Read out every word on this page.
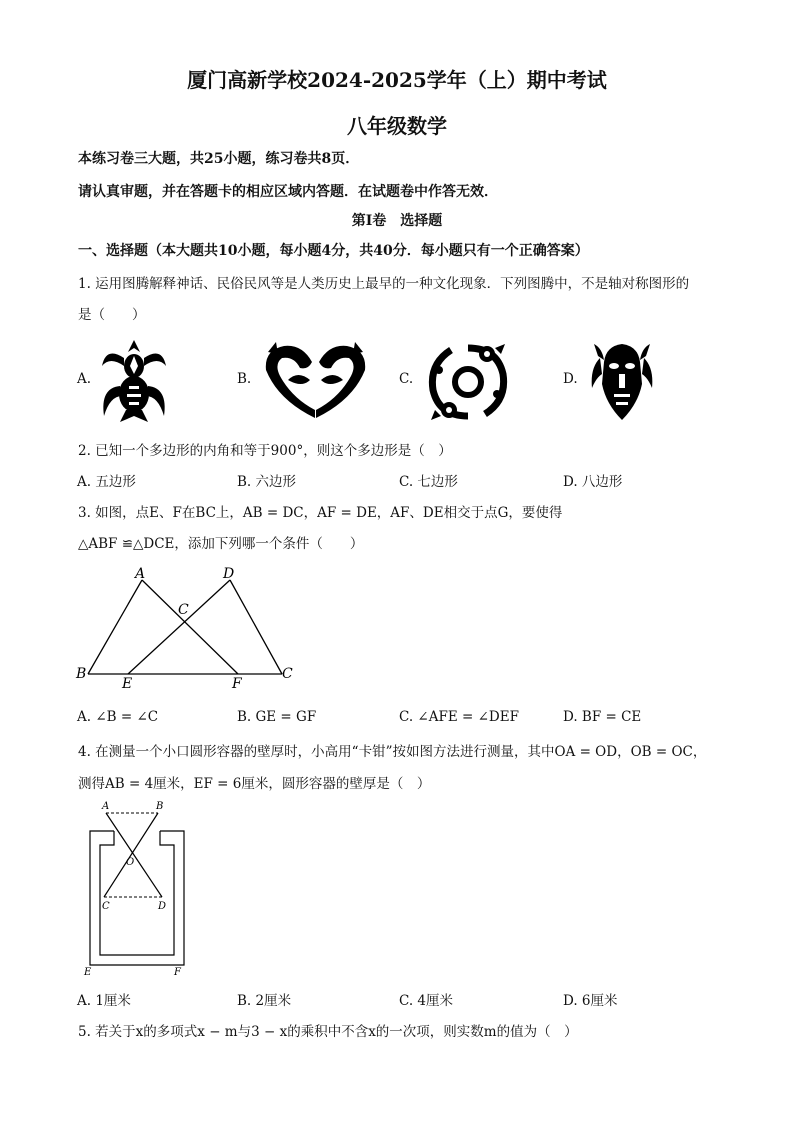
厦门高新学校2024-2025学年（上）期中考试
八年级数学
本练习卷三大题，共25小题，练习卷共8页．
请认真审题，并在答题卡的相应区域内答题．在试题卷中作答无效．
第Ⅰ卷　选择题
一、选择题（本大题共10小题，每小题4分，共40分．每小题只有一个正确答案）
1. 运用图腾解释神话、民俗民风等是人类历史上最早的一种文化现象．下列图腾中，不是轴对称图形的
是（　　）
A.	B.	C.	D.
2. 已知一个多边形的内角和等于900°，则这个多边形是（　）
A. 五边形	B. 六边形	C. 七边形	D. 八边形
3. 如图，点E、F在BC上，AB = DC，AF = DE，AF、DE相交于点G，要使得
△ABF ≌△DCE，添加下列哪一个条件（　　）
A	D
C
B
E	F
C
A. ∠B = ∠C	B. GE = GF	C. ∠AFE = ∠DEF	D. BF = CE
4. 在测量一个小口圆形容器的壁厚时，小高用“卡钳”按如图方法进行测量，其中OA = OD，OB = OC，
测得AB = 4厘米，EF = 6厘米，圆形容器的壁厚是（　）
A	B
O
C	D
E	F
A. 1厘米	B. 2厘米	C. 4厘米	D. 6厘米
5. 若关于x的多项式x − m与3 − x的乘积中不含x的一次项，则实数m的值为（　）
